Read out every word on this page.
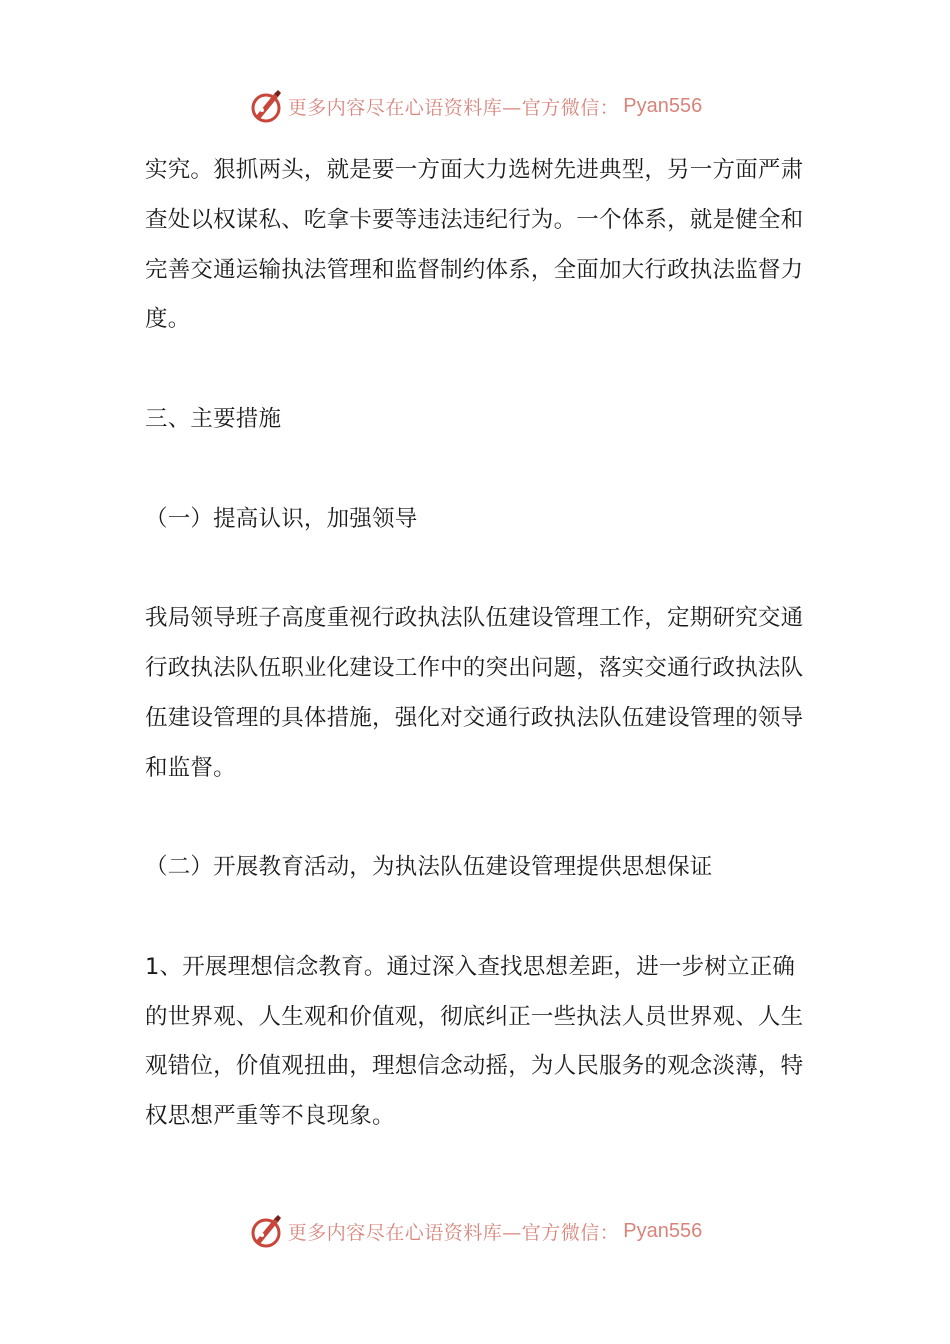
更多内容尽在心语资料库—官方微信： Pyan556

实究。狠抓两头，就是要一方面大力选树先进典型，另一方面严肃查处以权谋私、吃拿卡要等违法违纪行为。一个体系，就是健全和完善交通运输执法管理和监督制约体系，全面加大行政执法监督力度。

三、主要措施

（一）提高认识，加强领导

我局领导班子高度重视行政执法队伍建设管理工作，定期研究交通行政执法队伍职业化建设工作中的突出问题，落实交通行政执法队伍建设管理的具体措施，强化对交通行政执法队伍建设管理的领导和监督。

（二）开展教育活动，为执法队伍建设管理提供思想保证

1、开展理想信念教育。通过深入查找思想差距，进一步树立正确的世界观、人生观和价值观，彻底纠正一些执法人员世界观、人生观错位，价值观扭曲，理想信念动摇，为人民服务的观念淡薄，特权思想严重等不良现象。

更多内容尽在心语资料库—官方微信： Pyan556
